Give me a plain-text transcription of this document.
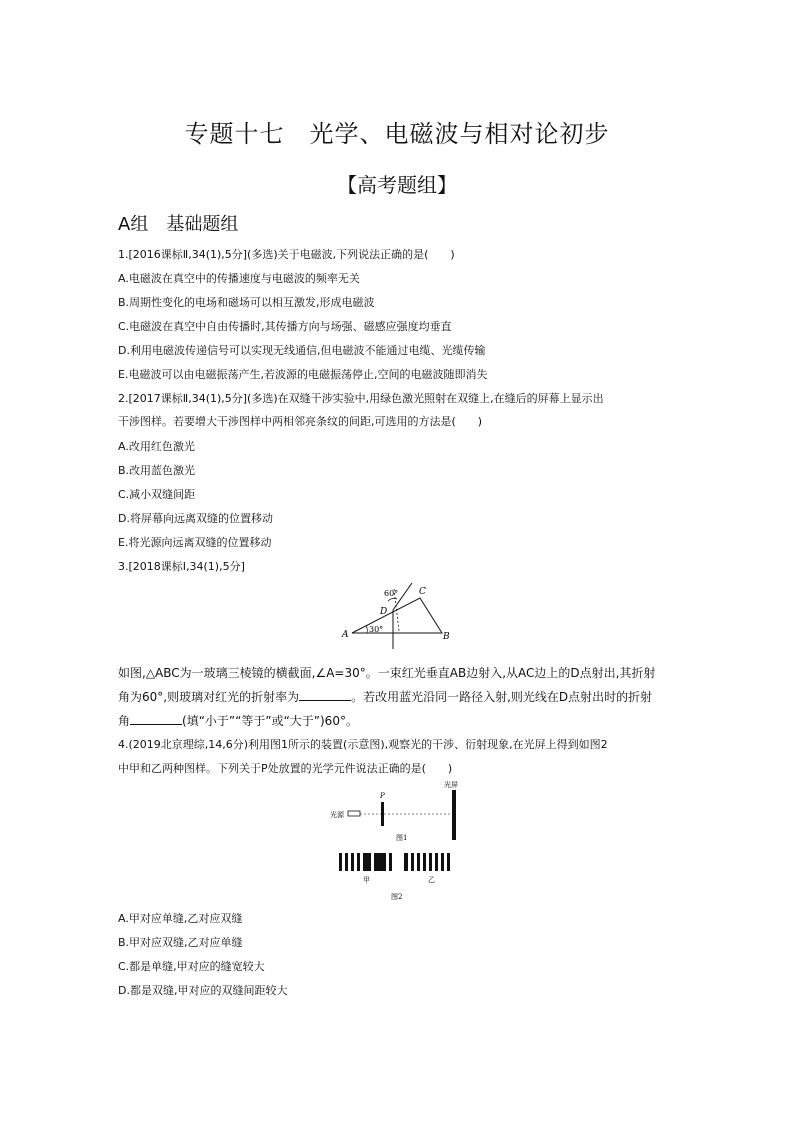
专题十七　光学、电磁波与相对论初步
【高考题组】
A组　基础题组
1.[2016课标Ⅱ,34(1),5分](多选)关于电磁波,下列说法正确的是(　　)
A.电磁波在真空中的传播速度与电磁波的频率无关
B.周期性变化的电场和磁场可以相互激发,形成电磁波
C.电磁波在真空中自由传播时,其传播方向与场强、磁感应强度均垂直
D.利用电磁波传递信号可以实现无线通信,但电磁波不能通过电缆、光缆传输
E.电磁波可以由电磁振荡产生,若波源的电磁振荡停止,空间的电磁波随即消失
2.[2017课标Ⅱ,34(1),5分](多选)在双缝干涉实验中,用绿色激光照射在双缝上,在缝后的屏幕上显示出
干涉图样。若要增大干涉图样中两相邻亮条纹的间距,可选用的方法是(　　)
A.改用红色激光
B.改用蓝色激光
C.减小双缝间距
D.将屏幕向远离双缝的位置移动
E.将光源向远离双缝的位置移动
3.[2018课标Ⅰ,34(1),5分]
A	B
C
D
60°
30°
如图,△ABC为一玻璃三棱镜的横截面,∠A=30°。一束红光垂直AB边射入,从AC边上的D点射出,其折射
角为60°,则玻璃对红光的折射率为	。若改用蓝光沿同一路径入射,则光线在D点射出时的折射
角	(填“小于”“等于”或“大于”)60°。
4.(2019北京理综,14,6分)利用图1所示的装置(示意图),观察光的干涉、衍射现象,在光屏上得到如图2
中甲和乙两种图样。下列关于P处放置的光学元件说法正确的是(　　)
光源
P
光屏
图1
甲	乙
图2
A.甲对应单缝,乙对应双缝
B.甲对应双缝,乙对应单缝
C.都是单缝,甲对应的缝宽较大
D.都是双缝,甲对应的双缝间距较大
